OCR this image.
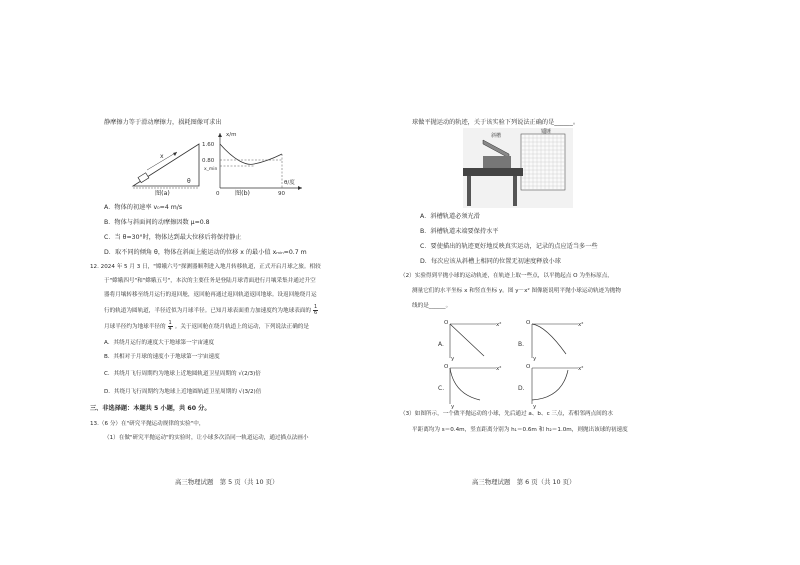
静摩擦力等于滑动摩擦力，损耗图像可求出
x
θ
图(a)
x/m
1.60
0.80
x_min
0	90
θ/度
图(b)
A．物体的初速率 v₀=4 m/s
B．物体与斜面间的动摩擦因数 μ=0.8
C．当 θ=30°时，物体达到最大位移后将保持静止
D．取不同的倾角 θ，物体在斜面上能运动的位移 x 的最小值 xₘᵢₙ=0.7 m
12. 2024 年 5 月 3 日，"嫦娥六号"探测器顺利进入地月转移轨道，正式开启月球之旅。相较
于"嫦娥四号"和"嫦娥五号"，本次的主要任务是登陆月球背面进行月壤采集并通过升空
器将月壤转移至绕月运行的返回舱，返回舱再通过返回轨道返回地球。设返回舱绕月运
行的轨道为圆轨道，半径近似为月球半径。已知月球表面重力加速度约为地球表面的 $\frac{1}{6}$
月球半径约为地球半径的 $\frac{1}{4}$ 。关于返回舱在绕月轨道上的运动，下列说法正确的是
A．其绕月运行的速度大于地球第一宇宙速度
B．其相对于月球的速度小于地球第一宇宙速度
C．其绕月飞行周期约为地球上近地圆轨道卫星周期的 √(2/3)倍
D．其绕月飞行周期约为地球上近地圆轨道卫星周期的 √(3/2)倍
三、非选择题：本题共 5 小题，共 60 分。
13.（6 分）在"研究平抛运动规律的实验"中，
（1）在做"研究平抛运动"的实验时，让小球多次沿同一轨道运动，通过描点法画小
高三物理试题　第 5 页（共 10 页）
球做平抛运动的轨迹，关于该实验下列说法正确的是______。
斜槽
铅锤
A．斜槽轨道必须光滑
B．斜槽轨道末端要保持水平
C．要使描出的轨迹更好地反映真实运动，记录的点应适当多一些
D．每次应该从斜槽上相同的位置无初速度释放小球
（2）实验得到平抛小球的运动轨迹，在轨迹上取一些点，以平抛起点 O 为坐标原点，
测量它们的水平坐标 x 和竖直坐标 y。图 y－x² 图像能说明平抛小球运动轨迹为抛物
线的是______。
A.
O	x²
y
B.
O	x²
y
C.
O	x²
y
D.
O	x²
y
（3）如图所示，一个做平抛运动的小球，先后通过 a、b、c 三点，若相邻两点间的水
平距离均为 s＝0.4m，竖直距离分别为 h₁＝0.6m 和 h₂＝1.0m，则抛出该球的初速度
高三物理试题　第 6 页（共 10 页）
